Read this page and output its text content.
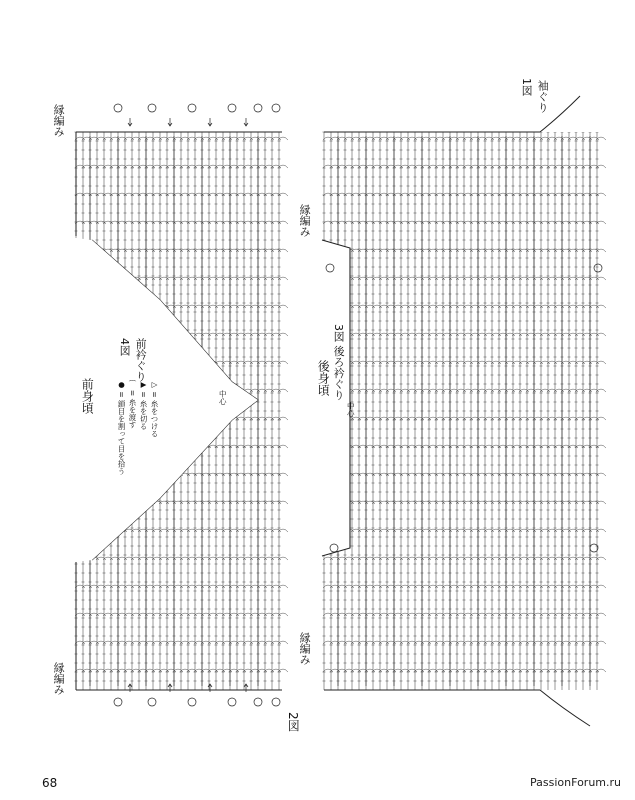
縁編み
縁編み
前身頃
4図 前衿ぐり
中心
▷ = 糸をつける
▶ = 糸を切る
⌒ = 糸を渡す
● = 鎖目を割って目を拾う
縁編み
縁編み
後身頃 3図 後ろ衿ぐり
中心
1図 袖ぐり
2図
68	PassionForum.ru
